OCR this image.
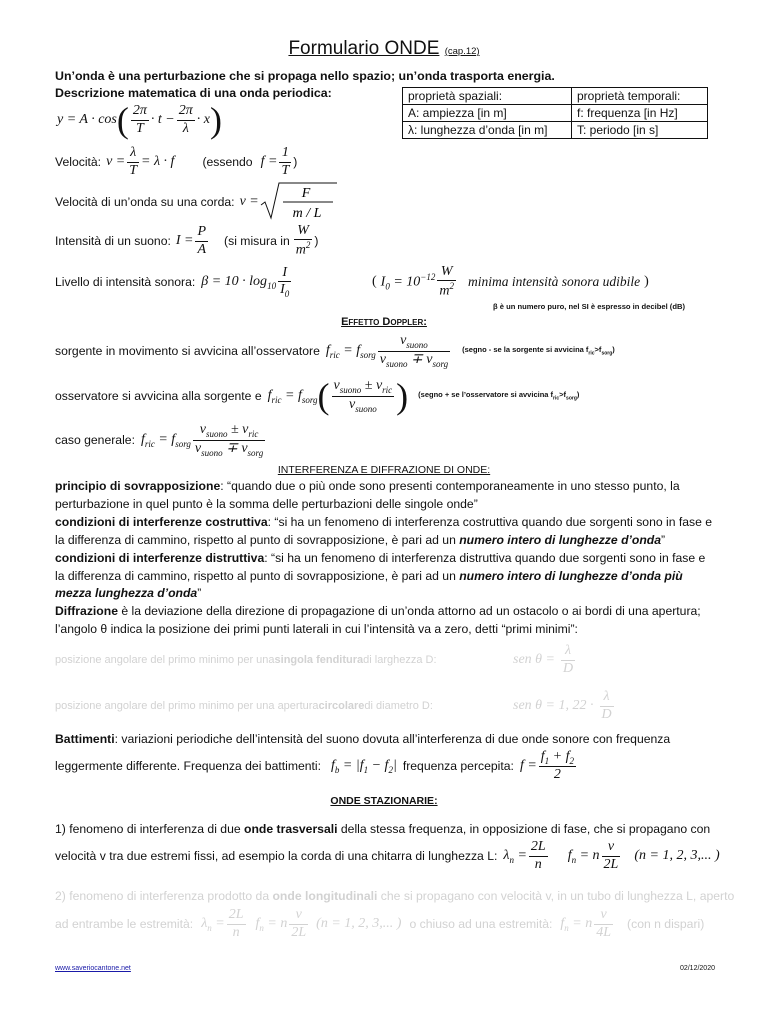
Formulario ONDE (cap.12)
Un’onda è una perturbazione che si propaga nello spazio; un’onda trasporta energia.
Descrizione matematica di una onda periodica:	proprietà spaziali:	proprietà temporali:
A: ampiezza [in m]	f: frequenza [in Hz]
λ: lunghezza d’onda [in m]	T: periodo [in s]
y = A · cos ( $\frac{2\pi}{T} \cdot t - \frac{2\pi}{\lambda} \cdot x$ )
Velocità: $v = \frac{\lambda}{T} = \lambda \cdot f$ (essendo $f = \frac{1}{T}$ )
Velocità di un’onda su una corda: v =
F
m / L
Intensità di un suono: $I = \frac{P}{A} (si$ misura in $\frac{W}{m^2}$ )
Livello di intensità sonora: $\beta = 10 \cdot \log_{10} \frac{I}{I_0}$	( $I_0 = 10^{-12} \frac{W}{m^2}$ minima intensità sonora udibile )
β è un numero puro, nel SI è espresso in decibel (dB)
Effetto Doppler:
sorgente in movimento si avvicina all’osservatore $f_{ric} = f_{sorg} \frac{v_{suono}}{v_{suono} \mp v_{sorg}}$ (segno - se la sorgente si avvicina $f_{ric}>f_{sorg}$)
osservatore si avvicina alla sorgente e $f_{ric} = f_{sorg}$ ( $\frac{v_{suono} \pm v_{ric}}{v_{suono}}$ ) (segno + se l’osservatore si avvicina $f_{ric}>f_{sorg}$)
caso generale: $f_{ric} = f_{sorg} \frac{v_{suono} \pm v_{ric}}{v_{suono} \mp v_{sorg}}$
INTERFERENZA E DIFFRAZIONE DI ONDE:
principio di sovrapposizione: “quando due o più onde sono presenti contemporaneamente in uno stesso punto, la perturbazione in quel punto è la somma delle perturbazioni delle singole onde”
condizioni di interferenze costruttiva: “si ha un fenomeno di interferenza costruttiva quando due sorgenti sono in fase e la differenza di cammino, rispetto al punto di sovrapposizione, è pari ad un numero intero di lunghezze d’onda”
condizioni di interferenze distruttiva: “si ha un fenomeno di interferenza distruttiva quando due sorgenti sono in fase e la differenza di cammino, rispetto al punto di sovrapposizione, è pari ad un numero intero di lunghezze d’onda più mezza lunghezza d’onda”
Diffrazione è la deviazione della direzione di propagazione di un’onda attorno ad un ostacolo o ai bordi di una apertura; l’angolo θ indica la posizione dei primi punti laterali in cui l’intensità va a zero, detti “primi minimi”:
posizione angolare del primo minimo per una singola fenditura di larghezza D:	sen $\theta = \frac{\lambda}{D}$
posizione angolare del primo minimo per una apertura circolare di diametro D:	sen θ = 1, $22 \cdot \frac{\lambda}{D}$
Battimenti: variazioni periodiche dell’intensità del suono dovuta all’interferenza di due onde sonore con frequenza
leggermente differente. Frequenza dei battimenti: $f_b = |f_1 - f_2|$ frequenza percepita: $f = \frac{f_1 + f_2}{2}$
ONDE STAZIONARIE:
1) fenomeno di interferenza di due onde trasversali della stessa frequenza, in opposizione di fase, che si propagano con
velocità v tra due estremi fissi, ad esempio la corda di una chitarra di lunghezza L: $\lambda_n = \frac{2L}{n} f_n = n \frac{v}{2L} (n = 1$, 2, 3,... )
2) fenomeno di interferenza prodotto da onde longitudinali che si propagano con velocità v, in un tubo di lunghezza L, aperto
ad entrambe le estremità: $\lambda_n = \frac{2L}{n} f_n = n \frac{v}{2L} (n = 1$, 2, 3,... ) o chiuso ad una estremità: $f_n = n \frac{v}{4L} (con$ n dispari)
www.saveriocantone.net	02/12/2020
